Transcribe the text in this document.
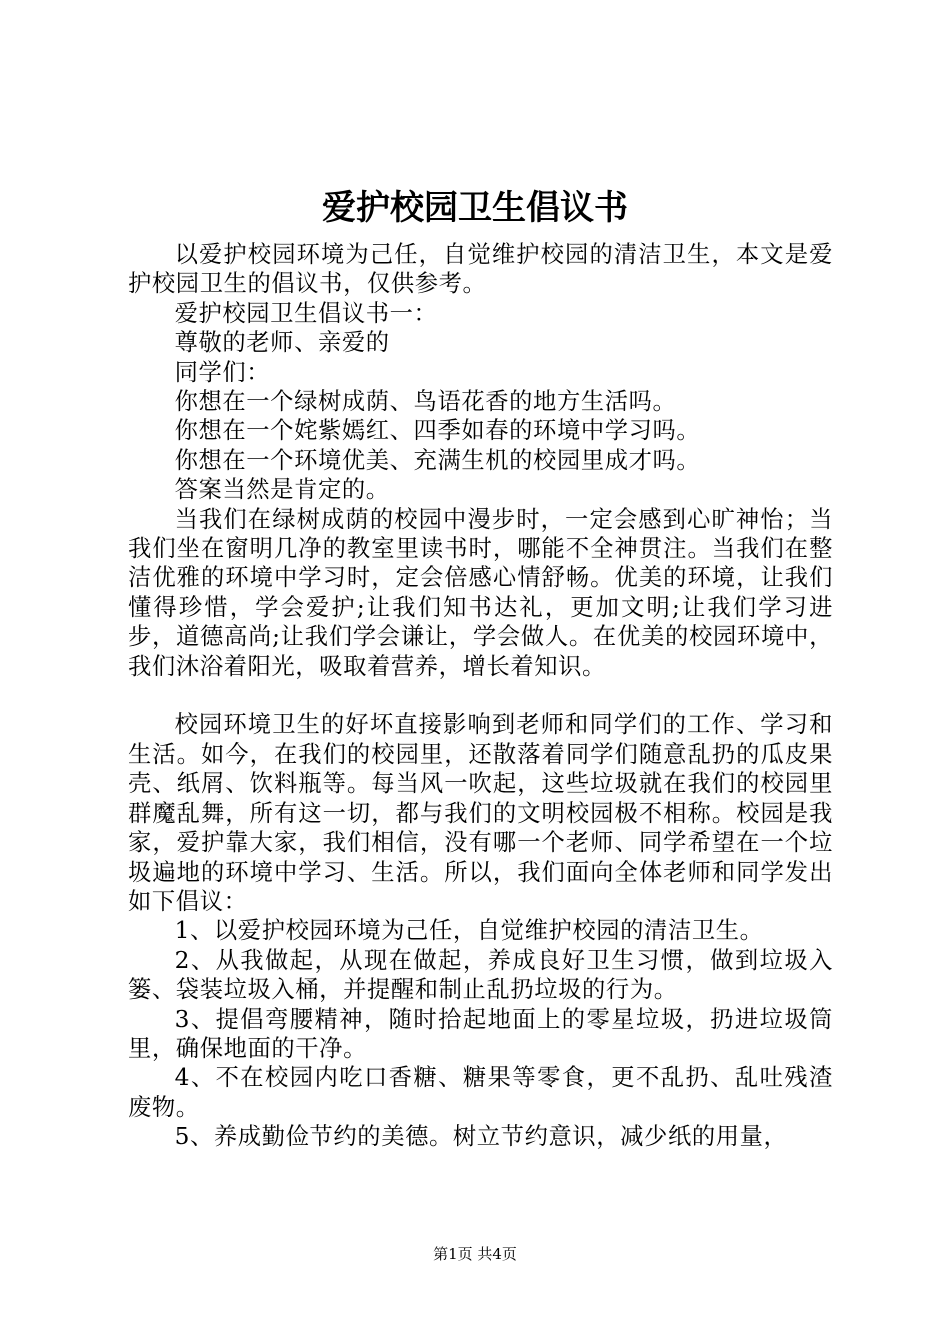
爱护校园卫生倡议书

以爱护校园环境为己任，自觉维护校园的清洁卫生，本文是爱护校园卫生的倡议书，仅供参考。

爱护校园卫生倡议书一：

尊敬的老师、亲爱的

同学们：

你想在一个绿树成荫、鸟语花香的地方生活吗。

你想在一个姹紫嫣红、四季如春的环境中学习吗。

你想在一个环境优美、充满生机的校园里成才吗。

答案当然是肯定的。

当我们在绿树成荫的校园中漫步时，一定会感到心旷神怡；当我们坐在窗明几净的教室里读书时，哪能不全神贯注。当我们在整洁优雅的环境中学习时，定会倍感心情舒畅。优美的环境，让我们懂得珍惜，学会爱护;让我们知书达礼，更加文明;让我们学习进步，道德高尚;让我们学会谦让，学会做人。在优美的校园环境中，我们沐浴着阳光，吸取着营养，增长着知识。

校园环境卫生的好坏直接影响到老师和同学们的工作、学习和生活。如今，在我们的校园里，还散落着同学们随意乱扔的瓜皮果壳、纸屑、饮料瓶等。每当风一吹起，这些垃圾就在我们的校园里群魔乱舞，所有这一切，都与我们的文明校园极不相称。校园是我家，爱护靠大家，我们相信，没有哪一个老师、同学希望在一个垃圾遍地的环境中学习、生活。所以，我们面向全体老师和同学发出如下倡议：

1、以爱护校园环境为己任，自觉维护校园的清洁卫生。

2、从我做起，从现在做起，养成良好卫生习惯，做到垃圾入篓、袋装垃圾入桶，并提醒和制止乱扔垃圾的行为。

3、提倡弯腰精神，随时拾起地面上的零星垃圾，扔进垃圾筒里，确保地面的干净。

4、不在校园内吃口香糖、糖果等零食，更不乱扔、乱吐残渣废物。

5、养成勤俭节约的美德。树立节约意识，减少纸的用量，

第1页 共4页
